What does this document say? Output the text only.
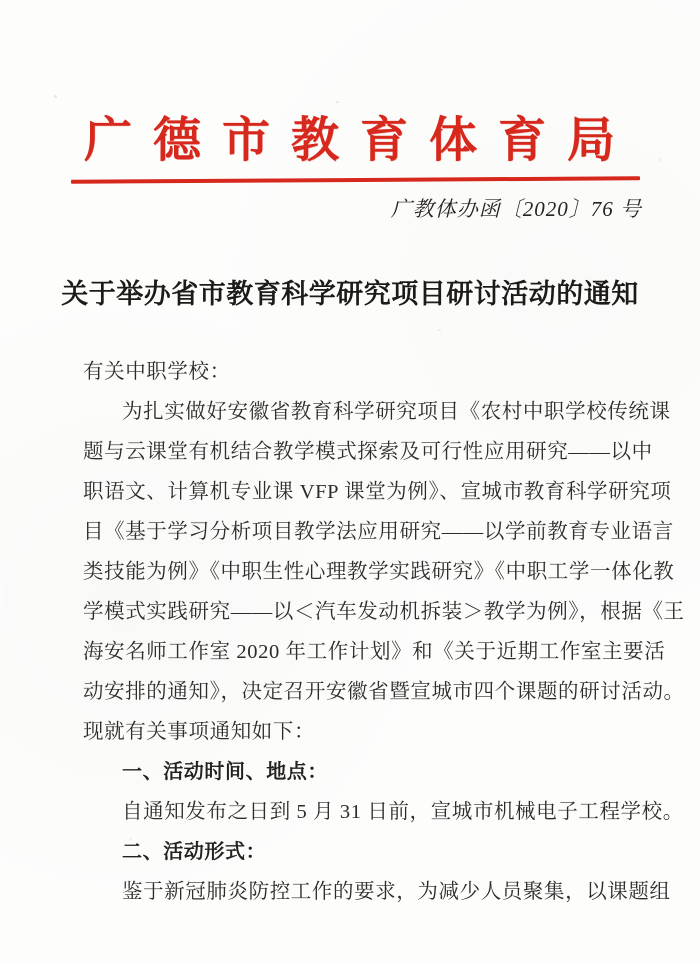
广德市教育体育局
广教体办函〔2020〕76 号
关于举办省市教育科学研究项目研讨活动的通知
有关中职学校：
为扎实做好安徽省教育科学研究项目《农村中职学校传统课
题与云课堂有机结合教学模式探索及可行性应用研究——以中
职语文、计算机专业课 VFP 课堂为例》、宣城市教育科学研究项
目《基于学习分析项目教学法应用研究——以学前教育专业语言
类技能为例》《中职生性心理教学实践研究》《中职工学一体化教
学模式实践研究——以＜汽车发动机拆装＞教学为例》，根据《王
海安名师工作室 2020 年工作计划》和《关于近期工作室主要活
动安排的通知》，决定召开安徽省暨宣城市四个课题的研讨活动。
现就有关事项通知如下：
一、活动时间、地点：
自通知发布之日到 5 月 31 日前，宣城市机械电子工程学校。
二、活动形式：
鉴于新冠肺炎防控工作的要求，为减少人员聚集，以课题组
